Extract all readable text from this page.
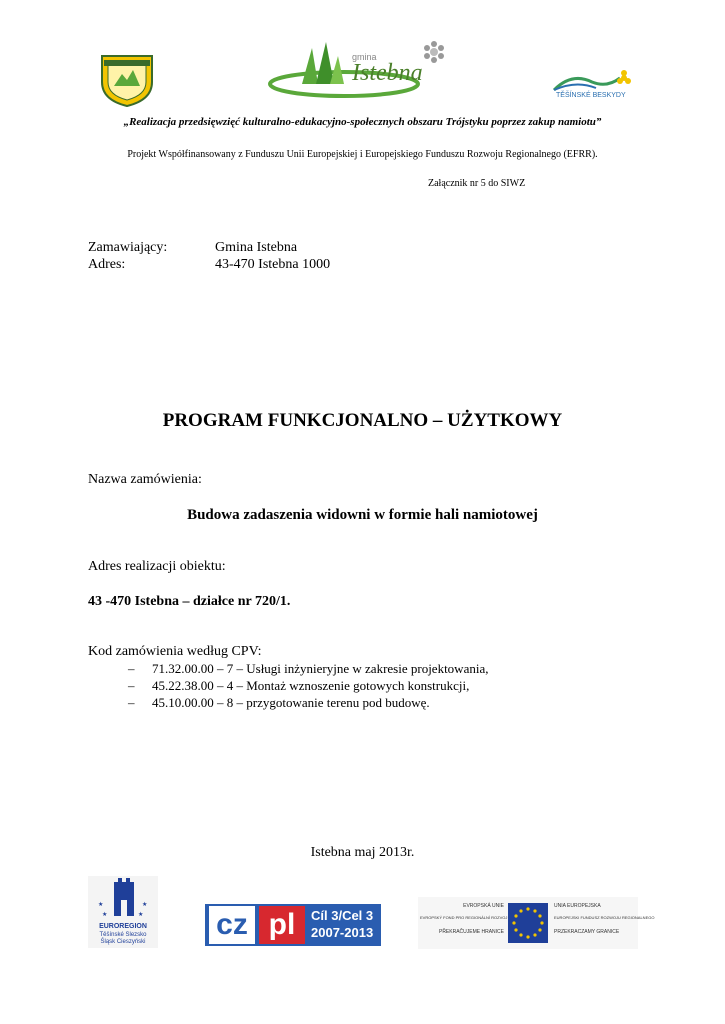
gmina
Istebna
TĚŠÍNSKÉ BESKYDY
„Realizacja przedsięwzięć kulturalno-edukacyjno-społecznych obszaru Trójstyku poprzez zakup namiotu”
Projekt Współfinansowany z Funduszu Unii Europejskiej i Europejskiego Funduszu Rozwoju Regionalnego (EFRR).
Załącznik nr 5 do SIWZ
Zamawiający:	Gmina Istebna
Adres:	43-470 Istebna 1000
PROGRAM FUNKCJONALNO – UŻYTKOWY
Nazwa zamówienia:
Budowa zadaszenia widowni w formie hali namiotowej
Adres realizacji obiektu:
43 -470 Istebna – działce nr 720/1.
Kod zamówienia według CPV:
– 71.32.00.00 – 7 – Usługi inżynieryjne w zakresie projektowania,
– 45.22.38.00 – 4 – Montaż wznoszenie gotowych konstrukcji,
– 45.10.00.00 – 8 – przygotowanie terenu pod budowę.
Istebna maj 2013r.
★	★
★	★
EUROREGION
Těšínské Slezsko
Śląsk Cieszyński
cz pl	Cíl 3/Cel 3
2007-2013
EVROPSKÁ UNIE
EVROPSKÝ FOND PRO REGIONÁLNÍ ROZVOJ
PŘEKRAČUJEME HRANICE
UNIA EUROPEJSKA
EUROPEJSKI FUNDUSZ ROZWOJU REGIONALNEGO
PRZEKRACZAMY GRANICE
